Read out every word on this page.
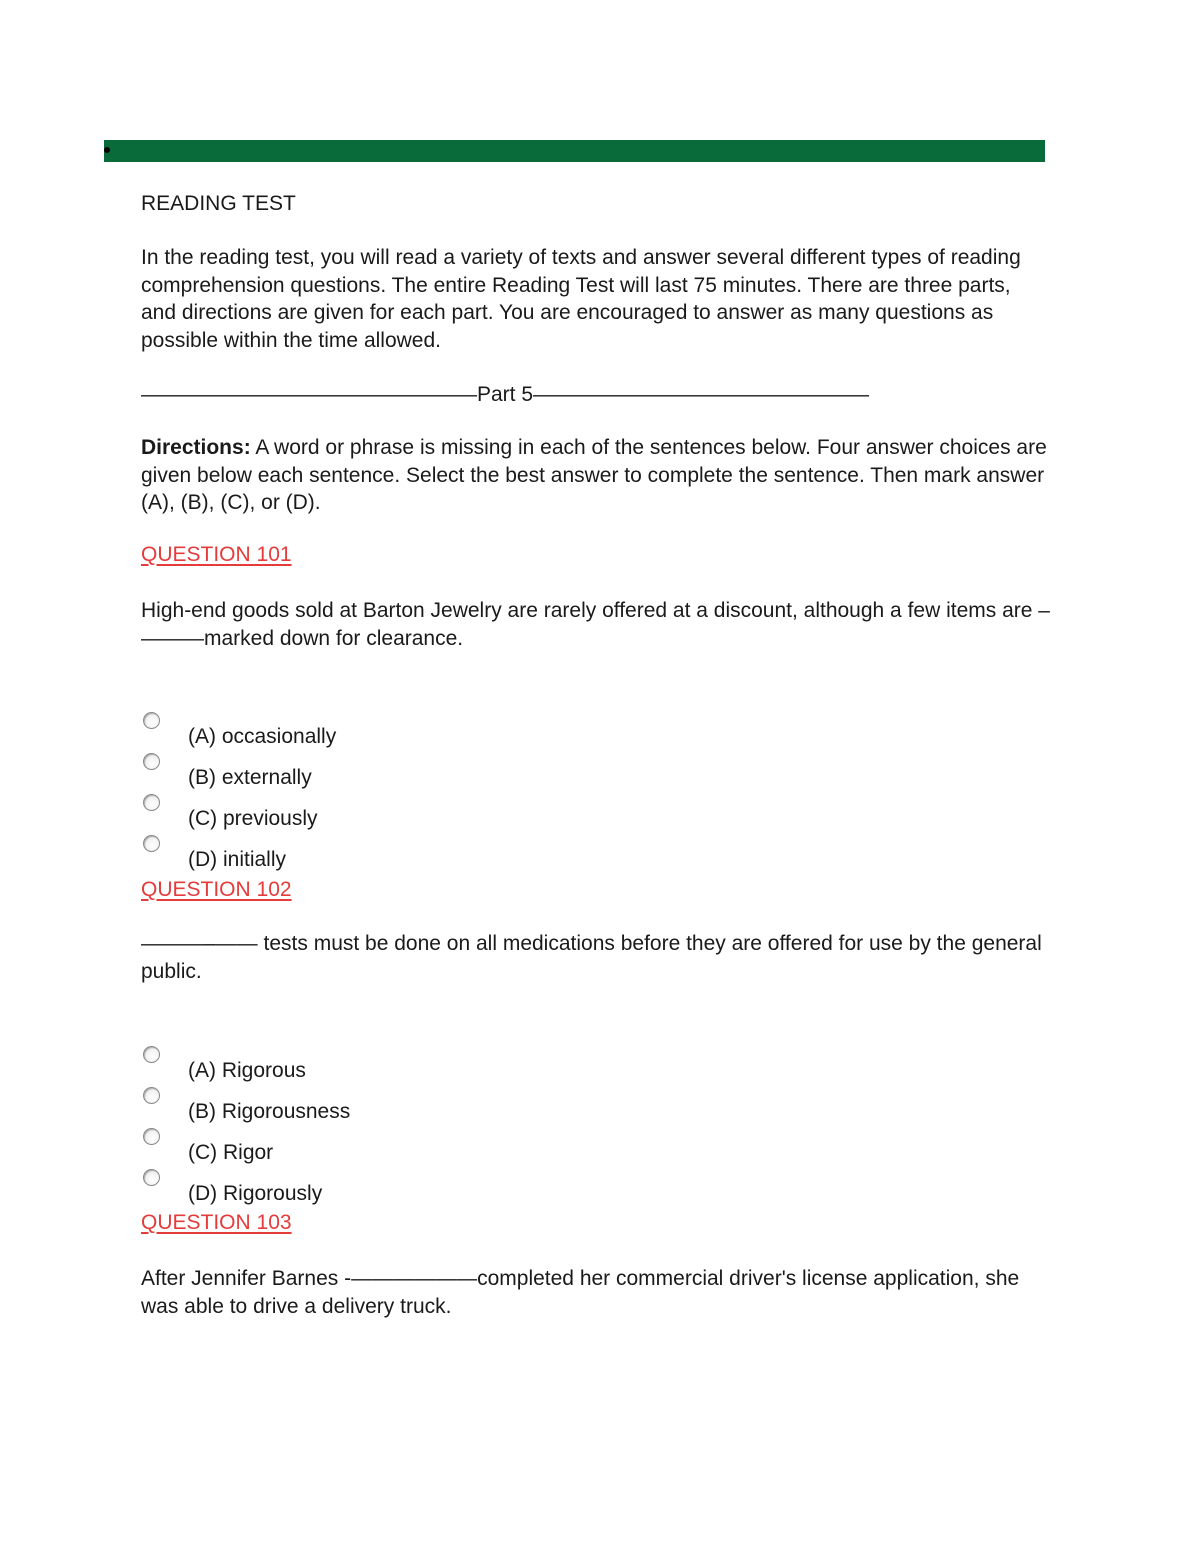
READING TEST
In the reading test, you will read a variety of texts and answer several different types of reading comprehension questions. The entire Reading Test will last 75 minutes. There are three parts, and directions are given for each part. You are encouraged to answer as many questions as possible within the time allowed.
————————————————Part 5————————————————
Directions: A word or phrase is missing in each of the sentences below. Four answer choices are given below each sentence. Select the best answer to complete the sentence. Then mark answer (A), (B), (C), or (D).
QUESTION 101
High-end goods sold at Barton Jewelry are rarely offered at a discount, although a few items are –———marked down for clearance.
(A) occasionally
(B) externally
(C) previously
(D) initially
QUESTION 102
———–—— tests must be done on all medications before they are offered for use by the general public.
(A) Rigorous
(B) Rigorousness
(C) Rigor
(D) Rigorously
QUESTION 103
After Jennifer Barnes -——————completed her commercial driver's license application, she was able to drive a delivery truck.
